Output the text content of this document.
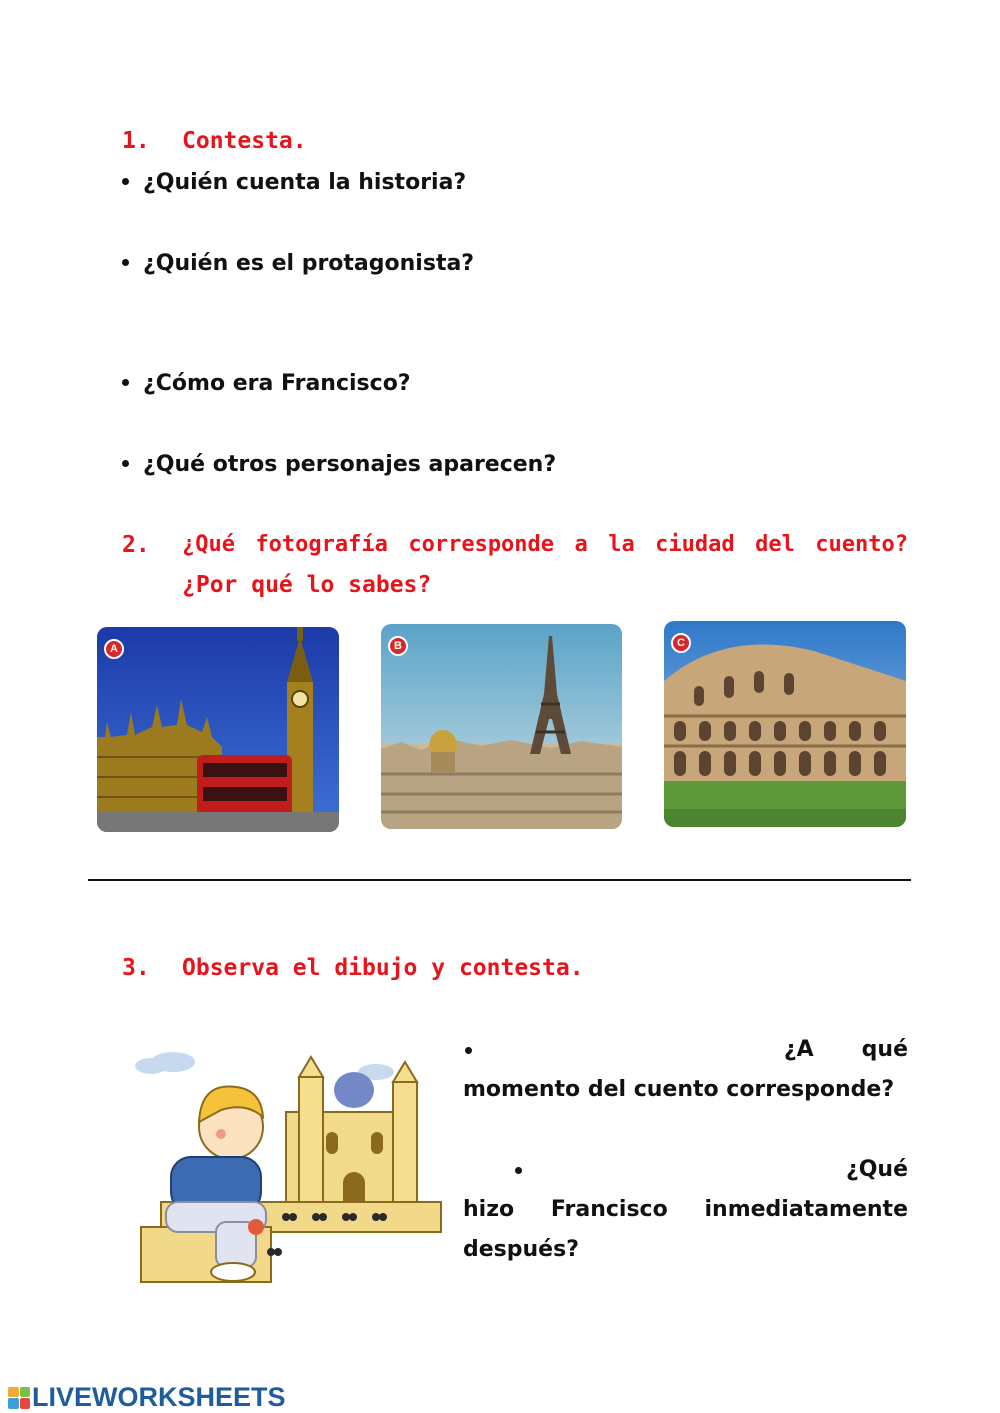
1. Contesta.
¿Quién cuenta la historia?
¿Quién es el protagonista?
¿Cómo era Francisco?
¿Qué otros personajes aparecen?
2. ¿Qué fotografía corresponde a la ciudad del cuento?
¿Por qué lo sabes?
A	B	C
3. Observa el dibujo y contesta.
¿A qué
momento del cuento corresponde?
¿Qué
hizo Francisco inmediatamente
después?
LIVEWORKSHEETS
